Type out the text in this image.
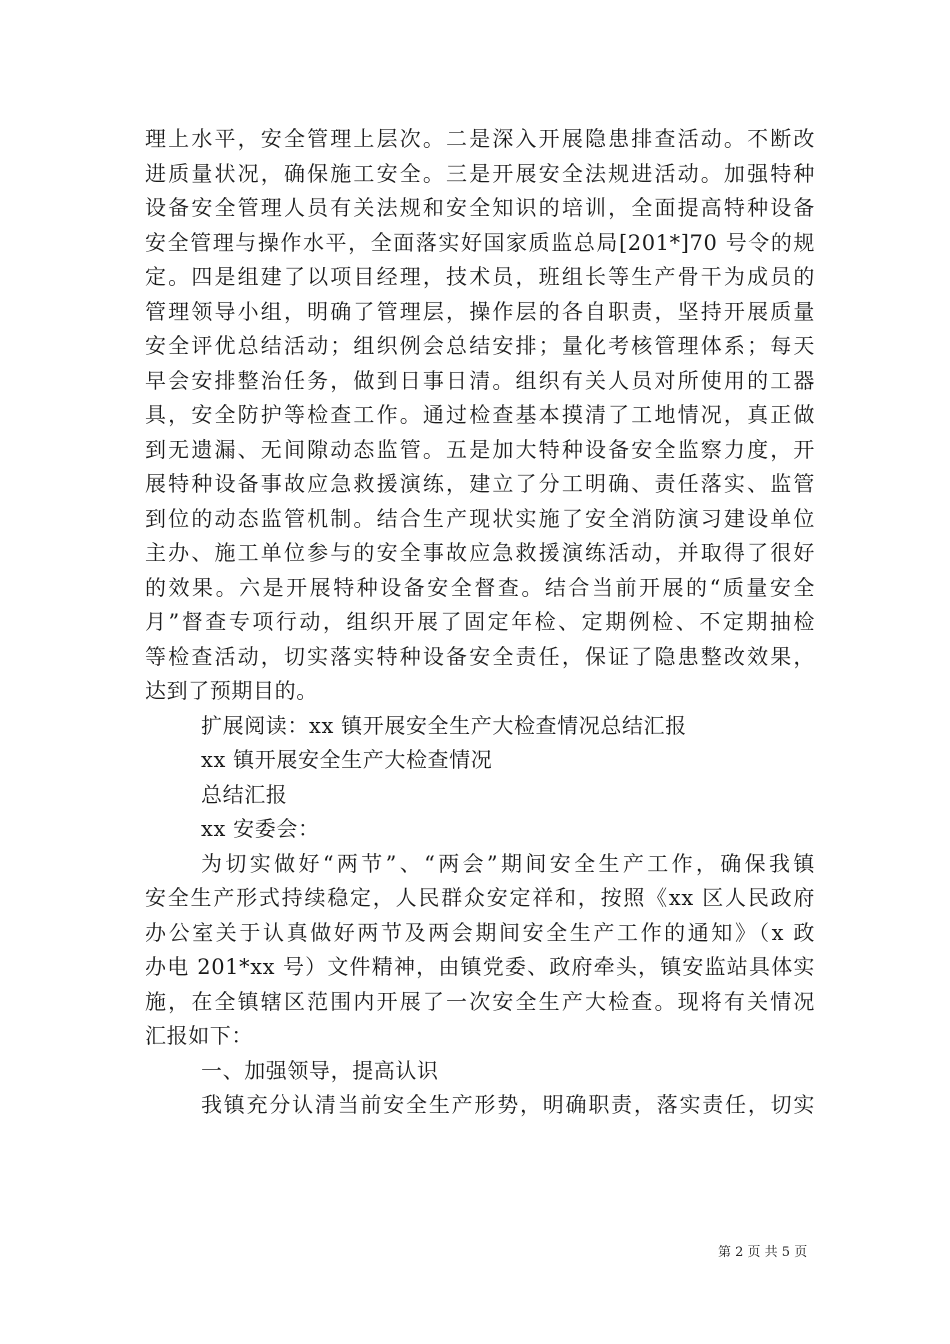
理上水平，安全管理上层次。二是深入开展隐患排查活动。不断改
进质量状况，确保施工安全。三是开展安全法规进活动。加强特种
设备安全管理人员有关法规和安全知识的培训，全面提高特种设备
安全管理与操作水平，全面落实好国家质监总局[201*]70 号令的规
定。四是组建了以项目经理，技术员，班组长等生产骨干为成员的
管理领导小组，明确了管理层，操作层的各自职责，坚持开展质量
安全评优总结活动；组织例会总结安排；量化考核管理体系；每天
早会安排整治任务，做到日事日清。组织有关人员对所使用的工器
具，安全防护等检查工作。通过检查基本摸清了工地情况，真正做
到无遗漏、无间隙动态监管。五是加大特种设备安全监察力度，开
展特种设备事故应急救援演练，建立了分工明确、责任落实、监管
到位的动态监管机制。结合生产现状实施了安全消防演习建设单位
主办、施工单位参与的安全事故应急救援演练活动，并取得了很好
的效果。六是开展特种设备安全督查。结合当前开展的“质量安全
月”督查专项行动，组织开展了固定年检、定期例检、不定期抽检
等检查活动，切实落实特种设备安全责任，保证了隐患整改效果，
达到了预期目的。
扩展阅读：xx 镇开展安全生产大检查情况总结汇报
xx 镇开展安全生产大检查情况
总结汇报
xx 安委会：
为切实做好“两节”、“两会”期间安全生产工作，确保我镇
安全生产形式持续稳定，人民群众安定祥和，按照《xx 区人民政府
办公室关于认真做好两节及两会期间安全生产工作的通知》（x 政
办电 201*xx 号）文件精神，由镇党委、政府牵头，镇安监站具体实
施，在全镇辖区范围内开展了一次安全生产大检查。现将有关情况
汇报如下：
一、加强领导，提高认识
我镇充分认清当前安全生产形势，明确职责，落实责任，切实
第 2 页 共 5 页
